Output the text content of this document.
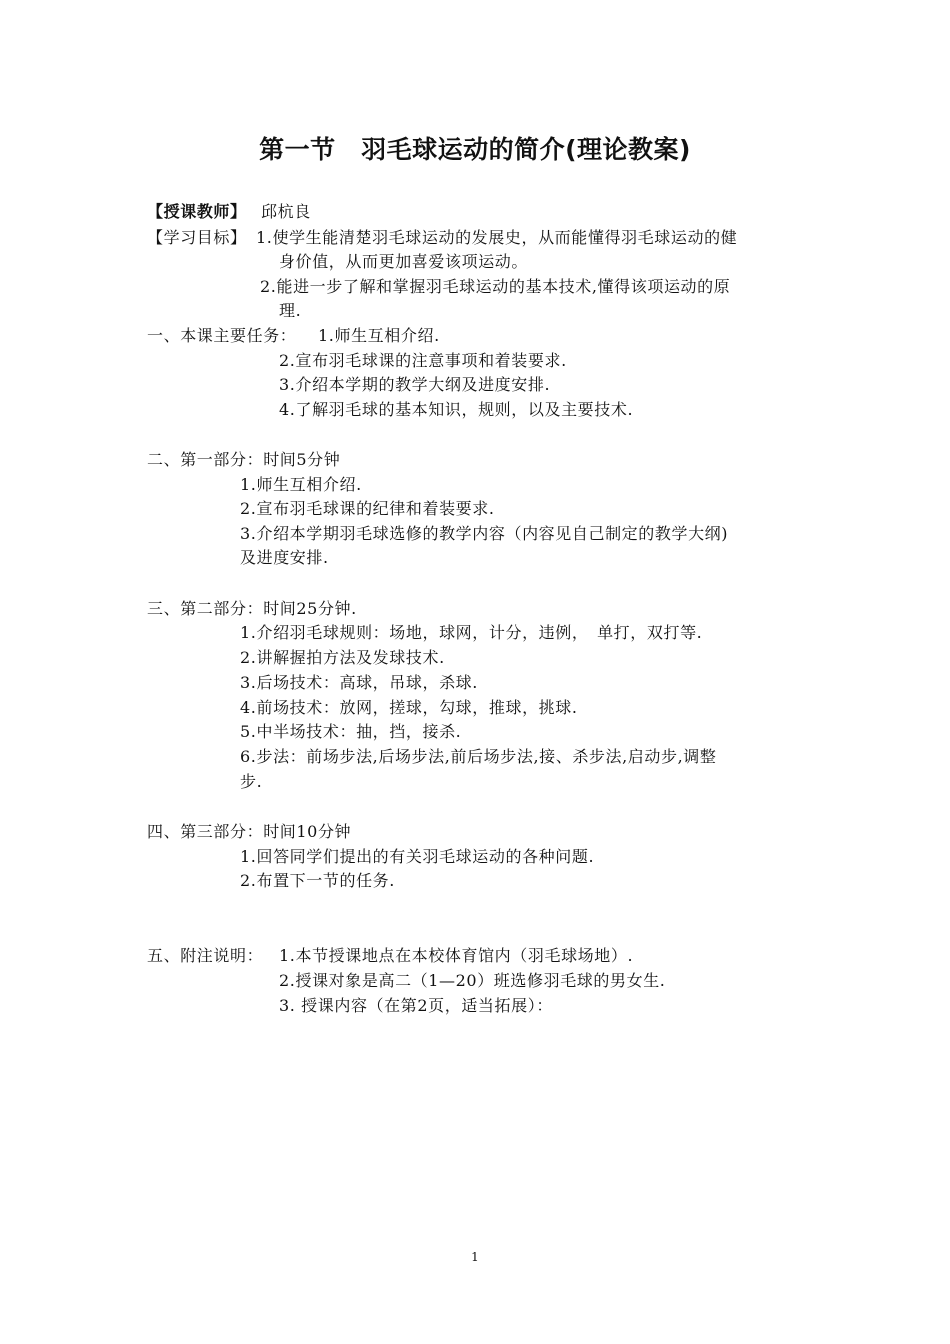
第一节　羽毛球运动的简介(理论教案)
【授课教师】 邱杭良
【学习目标】 1.使学生能清楚羽毛球运动的发展史，从而能懂得羽毛球运动的健
身价值，从而更加喜爱该项运动。
2.能进一步了解和掌握羽毛球运动的基本技术,懂得该项运动的原
理.
一、本课主要任务： 1.师生互相介绍.
2.宣布羽毛球课的注意事项和着装要求.
3.介绍本学期的教学大纲及进度安排.
4.了解羽毛球的基本知识，规则，以及主要技术.
二、第一部分：时间5分钟
1.师生互相介绍.
2.宣布羽毛球课的纪律和着装要求.
3.介绍本学期羽毛球选修的教学内容（内容见自己制定的教学大纲)
及进度安排.
三、第二部分：时间25分钟.
1.介绍羽毛球规则：场地，球网，计分，违例，　单打，双打等.
2.讲解握拍方法及发球技术.
3.后场技术：高球，吊球，杀球.
4.前场技术：放网，搓球，勾球，推球，挑球.
5.中半场技术：抽，挡，接杀.
6.步法：前场步法,后场步法,前后场步法,接、杀步法,启动步,调整
步.
四、第三部分：时间10分钟
1.回答同学们提出的有关羽毛球运动的各种问题.
2.布置下一节的任务.
五、附注说明： 1.本节授课地点在本校体育馆内（羽毛球场地）.
2.授课对象是高二（1—20）班选修羽毛球的男女生.
3. 授课内容（在第2页，适当拓展）：
1
